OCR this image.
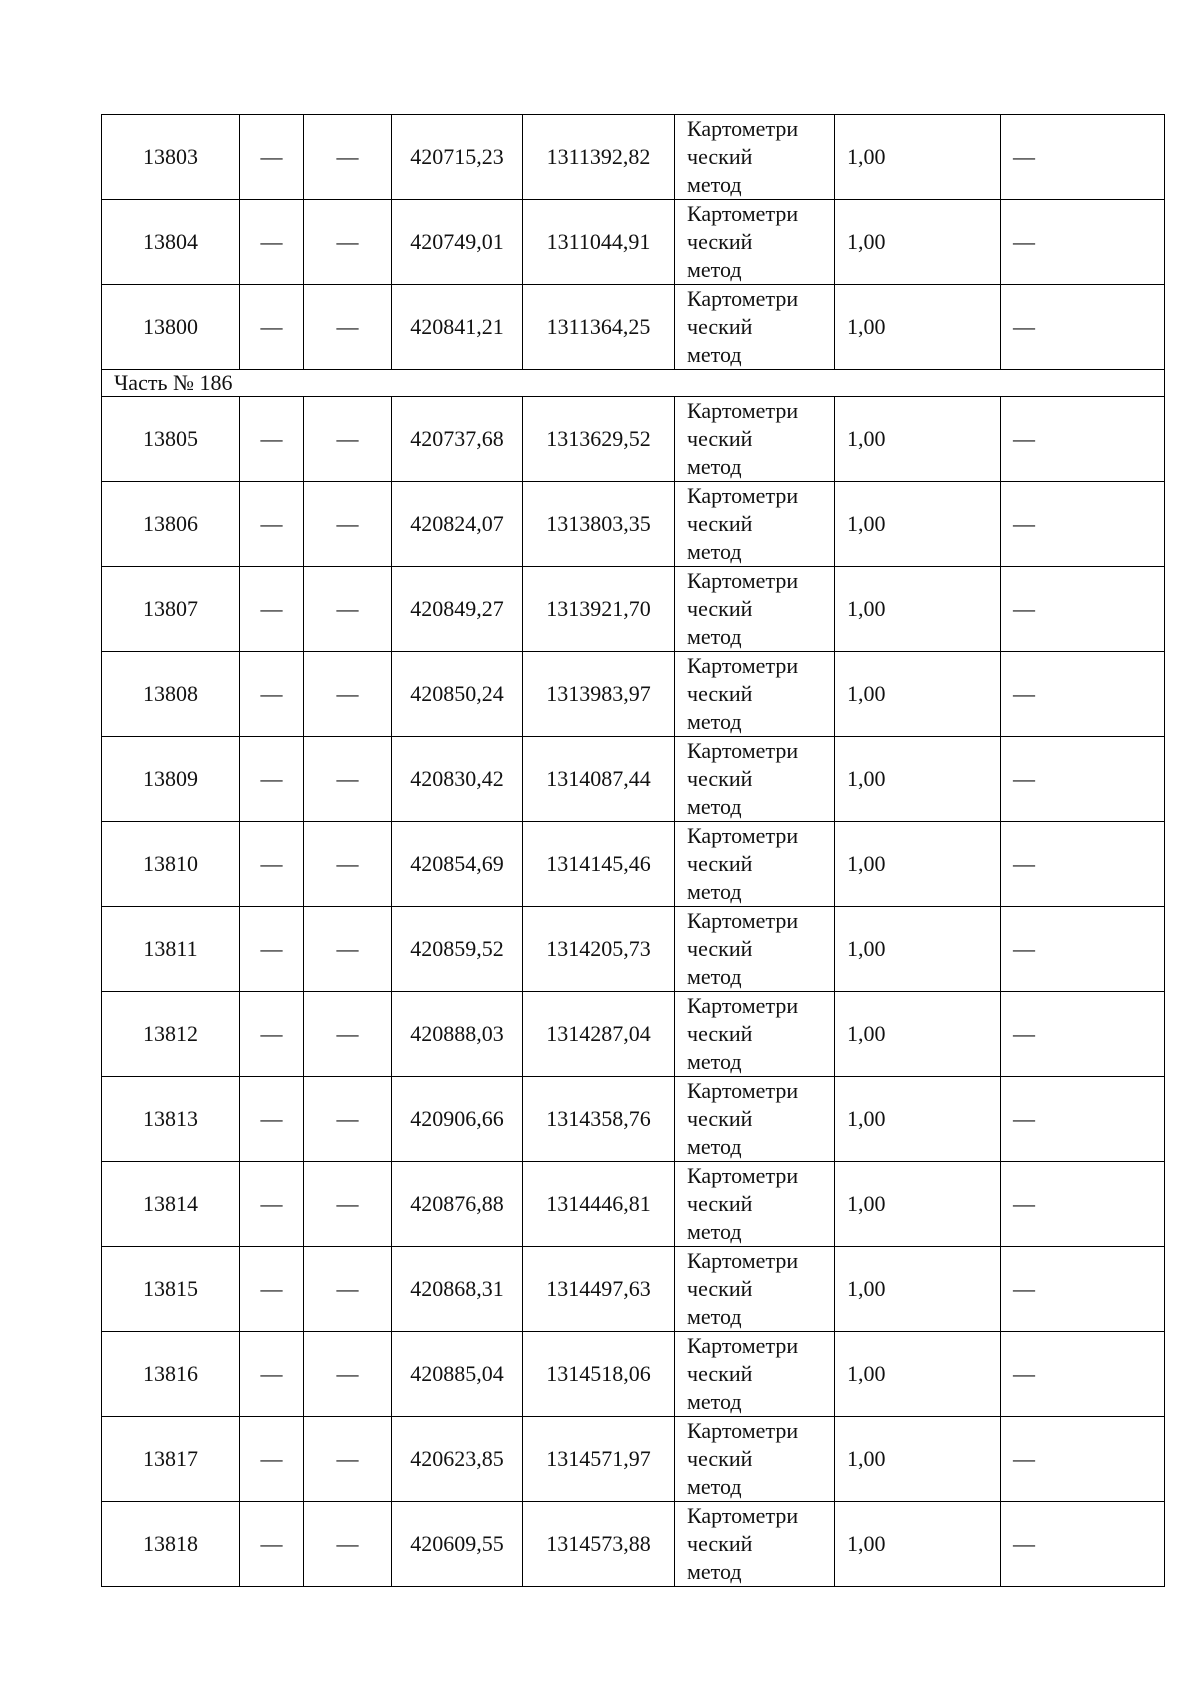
13803	—	—	420715,23	1311392,82	Картометри
ческий
метод	1,00	—
13804	—	—	420749,01	1311044,91	Картометри
ческий
метод	1,00	—
13800	—	—	420841,21	1311364,25	Картометри
ческий
метод	1,00	—
Часть № 186							
13805	—	—	420737,68	1313629,52	Картометри
ческий
метод	1,00	—
13806	—	—	420824,07	1313803,35	Картометри
ческий
метод	1,00	—
13807	—	—	420849,27	1313921,70	Картометри
ческий
метод	1,00	—
13808	—	—	420850,24	1313983,97	Картометри
ческий
метод	1,00	—
13809	—	—	420830,42	1314087,44	Картометри
ческий
метод	1,00	—
13810	—	—	420854,69	1314145,46	Картометри
ческий
метод	1,00	—
13811	—	—	420859,52	1314205,73	Картометри
ческий
метод	1,00	—
13812	—	—	420888,03	1314287,04	Картометри
ческий
метод	1,00	—
13813	—	—	420906,66	1314358,76	Картометри
ческий
метод	1,00	—
13814	—	—	420876,88	1314446,81	Картометри
ческий
метод	1,00	—
13815	—	—	420868,31	1314497,63	Картометри
ческий
метод	1,00	—
13816	—	—	420885,04	1314518,06	Картометри
ческий
метод	1,00	—
13817	—	—	420623,85	1314571,97	Картометри
ческий
метод	1,00	—
13818	—	—	420609,55	1314573,88	Картометри
ческий
метод	1,00	—
